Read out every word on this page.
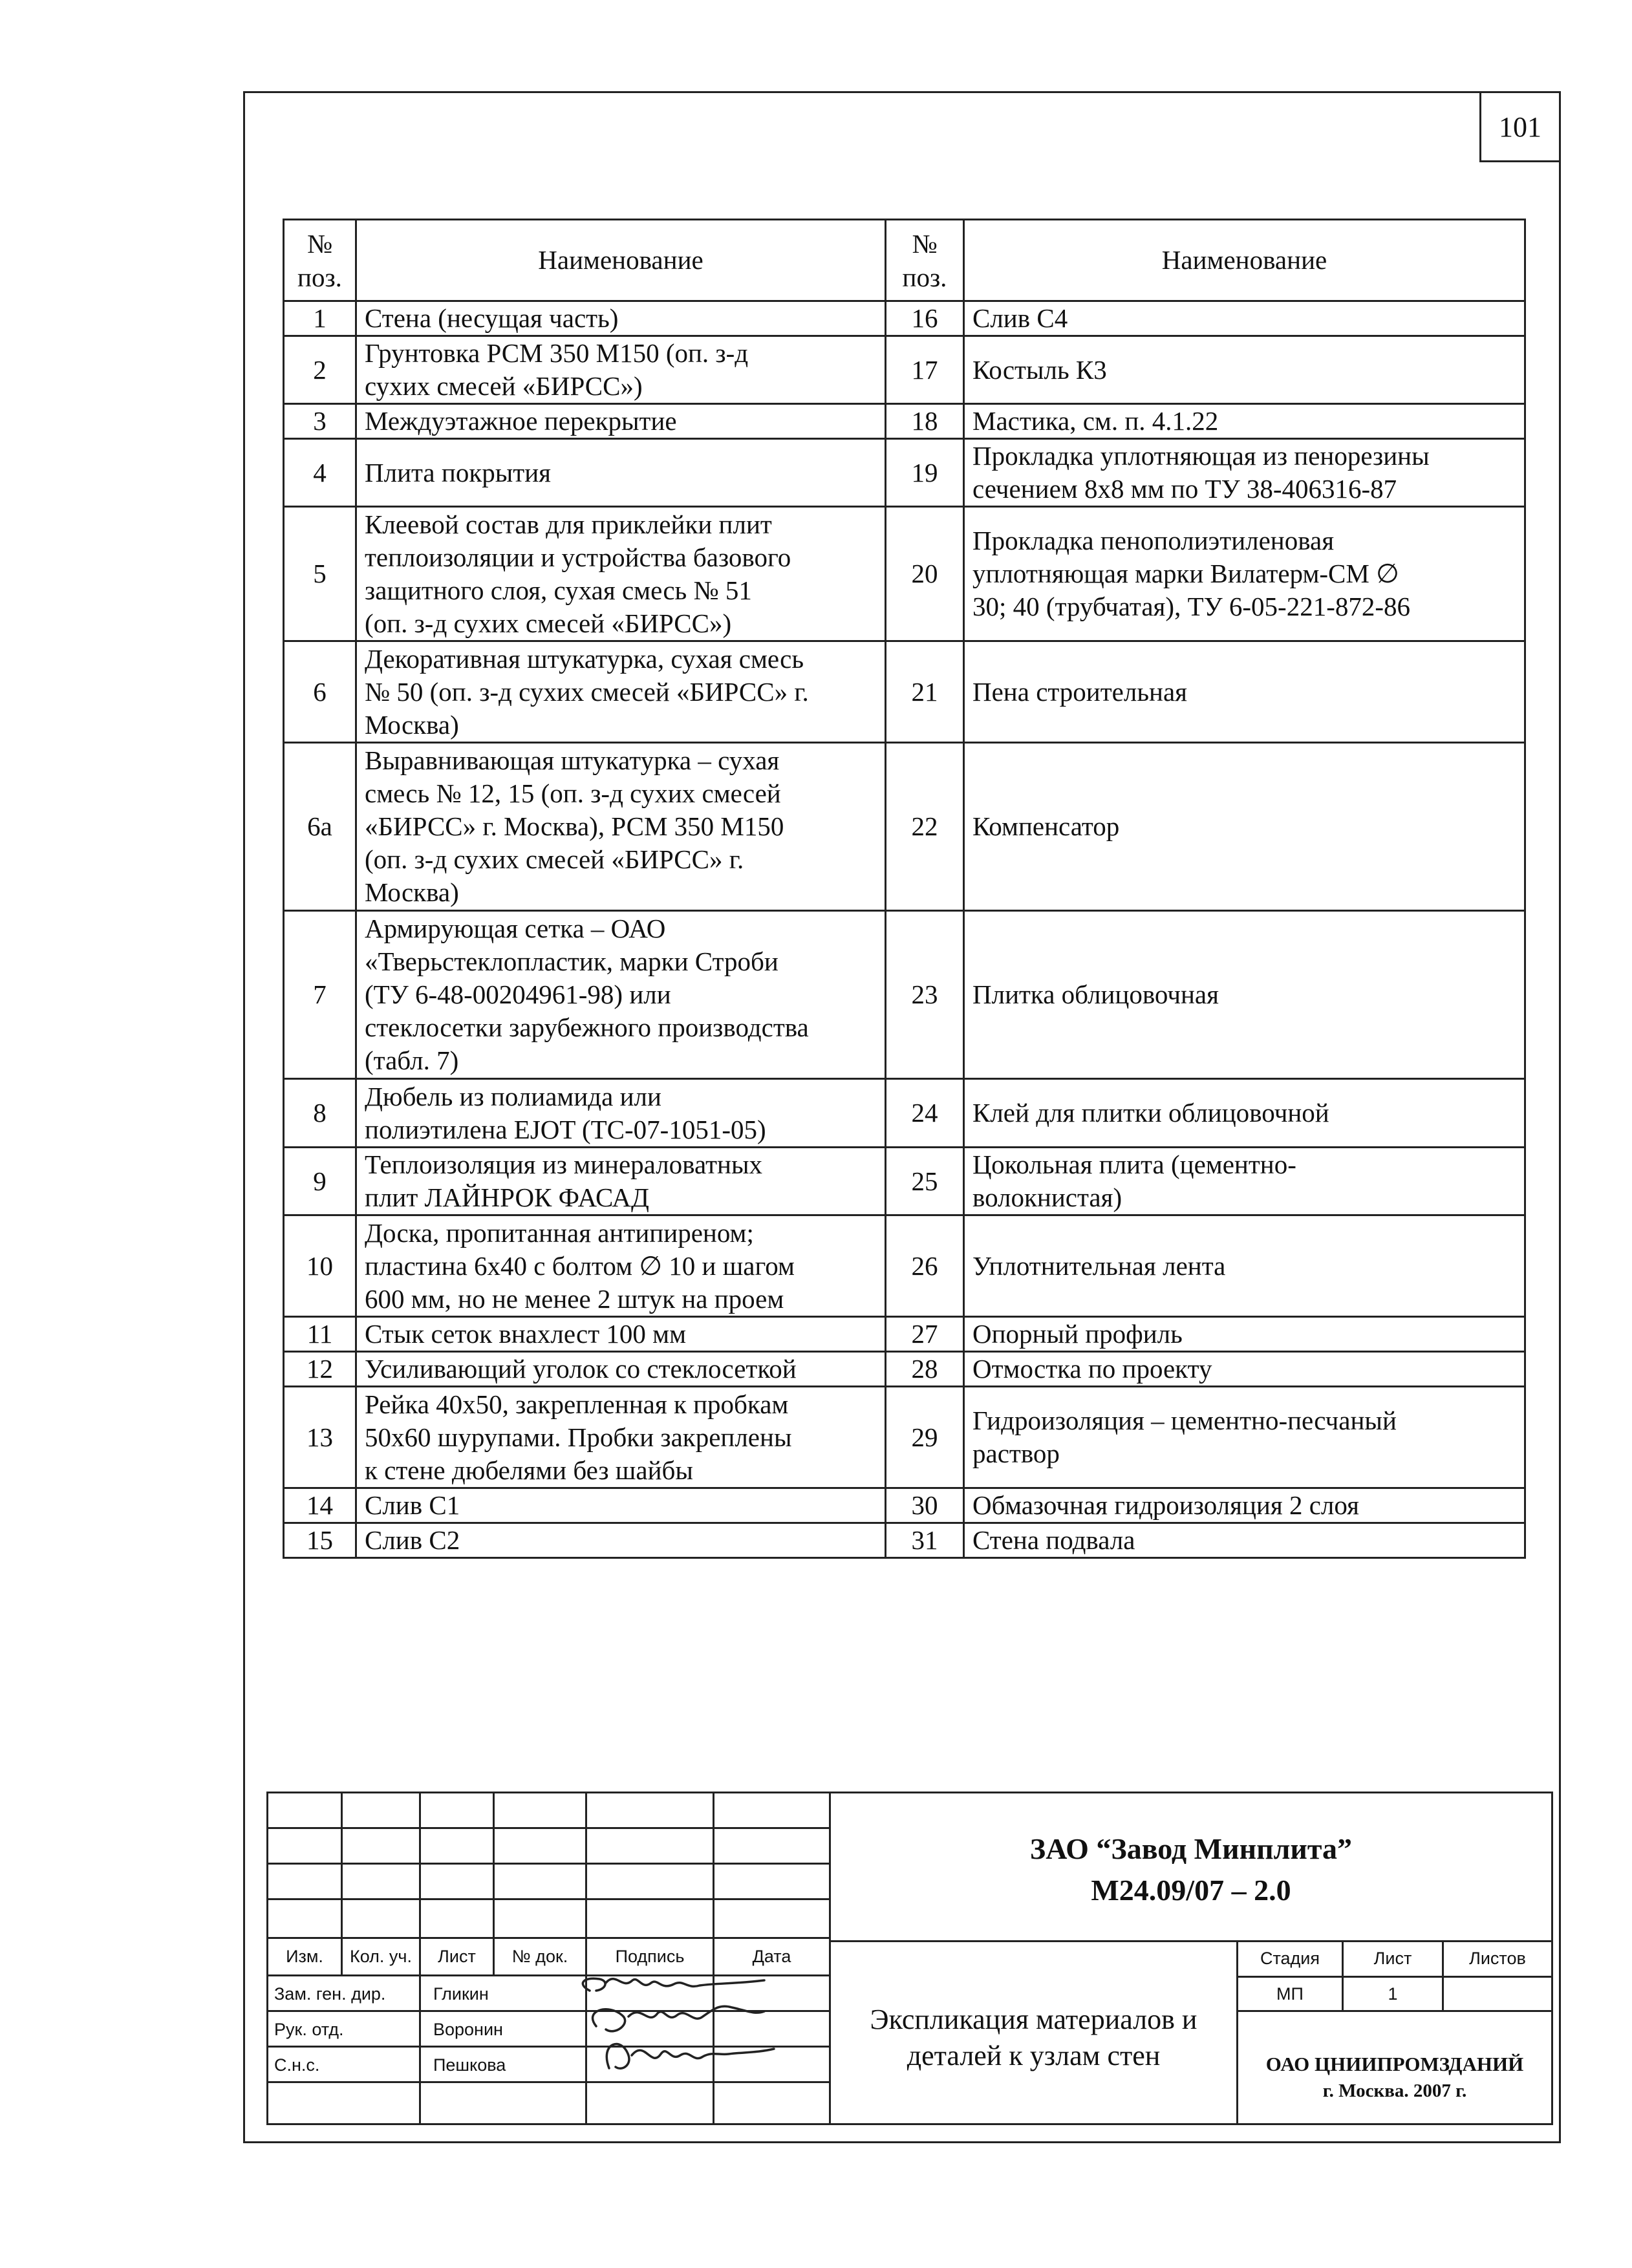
101
№
поз.	Наименование	№
поз.	Наименование

1	Стена (несущая часть)	16	Слив С4

2	Грунтовка РСМ 350 М150 (оп. з-д
сухих смесей «БИРСС»)	17	Костыль К3

3	Междуэтажное перекрытие	18	Мастика, см. п. 4.1.22

4	Плита покрытия	19	Прокладка уплотняющая из пенорезины
сечением 8х8 мм по ТУ 38-406316-87

5	Клеевой состав для приклейки плит
теплоизоляции и устройства базового
защитного слоя, сухая смесь № 51
(оп. з-д сухих смесей «БИРСС»)	20	Прокладка пенополиэтиленовая
уплотняющая марки Вилатерм-СМ ∅
30; 40 (трубчатая), ТУ 6-05-221-872-86

6	Декоративная штукатурка, сухая смесь
№ 50 (оп. з-д сухих смесей «БИРСС» г.
Москва)	21	Пена строительная

6а	Выравнивающая штукатурка – сухая
смесь № 12, 15 (оп. з-д сухих смесей
«БИРСС» г. Москва), РСМ 350 М150
(оп. з-д сухих смесей «БИРСС» г.
Москва)	22	Компенсатор

7	Армирующая сетка – ОАО
«Тверьстеклопластик, марки Строби
(ТУ 6-48-00204961-98) или
стеклосетки зарубежного производства
(табл. 7)	23	Плитка облицовочная

8	Дюбель из полиамида или
полиэтилена EJOT (ТС-07-1051-05)	24	Клей для плитки облицовочной

9	Теплоизоляция из минераловатных
плит ЛАЙНРОК ФАСАД	25	Цокольная плита (цементно-
волокнистая)

10	Доска, пропитанная антипиреном;
пластина 6х40 с болтом ∅ 10 и шагом
600 мм, но не менее 2 штук на проем	26	Уплотнительная лента

11	Стык сеток внахлест 100 мм	27	Опорный профиль

12	Усиливающий уголок со стеклосеткой	28	Отмостка по проекту

13	Рейка 40х50, закрепленная к пробкам
50х60 шурупами. Пробки закреплены
к стене дюбелями без шайбы	29	Гидроизоляция – цементно-песчаный
раствор

14	Слив С1	30	Обмазочная гидроизоляция 2 слоя

15	Слив С2	31	Стена подвала
Изм.	Кол. уч.	Лист	№ док.	Подпись	Дата
Зам. ген. дир.	Гликин
Рук. отд.	Воронин
С.н.с.	Пешкова
ЗАО “Завод Минплита”
М24.09/07 – 2.0
Экспликация материалов и
деталей к узлам стен
Стадия	Лист	Листов
МП	1
ОАО ЦНИИПРОМЗДАНИЙ
г. Москва. 2007 г.
